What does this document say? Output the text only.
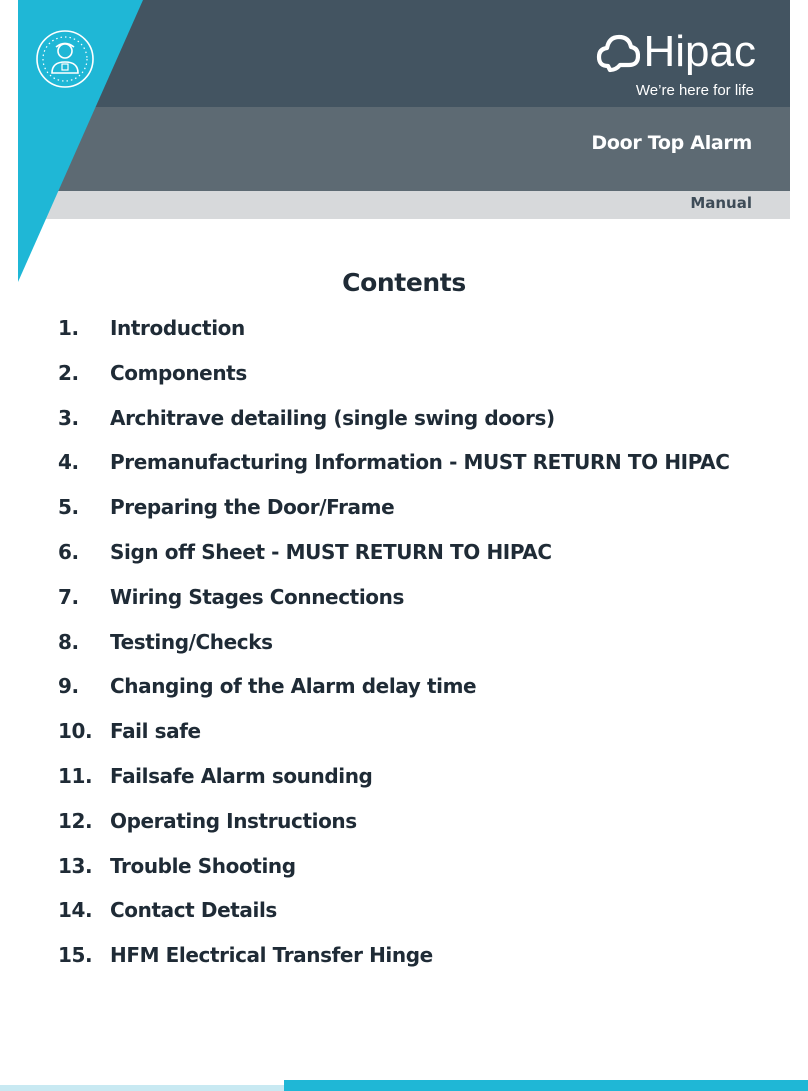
Hipac
We’re here for life
Door Top Alarm
Manual
Contents
1.	Introduction
2.	Components
3.	Architrave detailing (single swing doors)
4.	Premanufacturing Information - MUST RETURN TO HIPAC
5.	Preparing the Door/Frame
6.	Sign off Sheet - MUST RETURN TO HIPAC
7.	Wiring Stages Connections
8.	Testing/Checks
9.	Changing of the Alarm delay time
10. Fail safe
11. Failsafe Alarm sounding
12. Operating Instructions
13. Trouble Shooting
14. Contact Details
15. HFM Electrical Transfer Hinge
